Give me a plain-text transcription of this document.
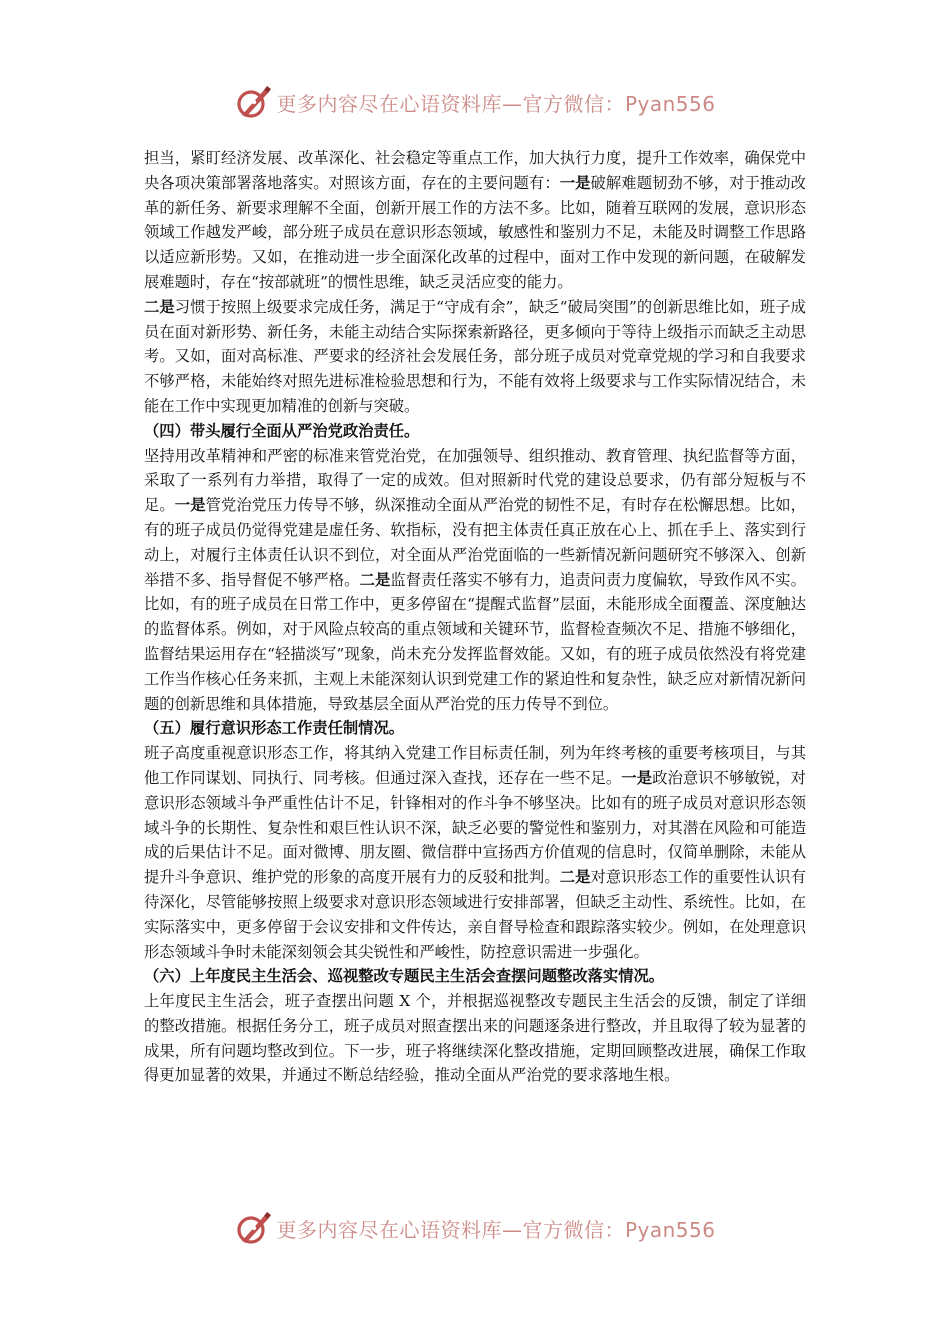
更多内容尽在心语资料库—官方微信：Pyan556

担当，紧盯经济发展、改革深化、社会稳定等重点工作，加大执行力度，提升工作效率，确保党中央各项决策部署落地落实。对照该方面，存在的主要问题有：一是破解难题韧劲不够，对于推动改革的新任务、新要求理解不全面，创新开展工作的方法不多。比如，随着互联网的发展，意识形态领域工作越发严峻，部分班子成员在意识形态领域，敏感性和鉴别力不足，未能及时调整工作思路以适应新形势。又如，在推动进一步全面深化改革的过程中，面对工作中发现的新问题，在破解发展难题时，存在“按部就班”的惯性思维，缺乏灵活应变的能力。

二是习惯于按照上级要求完成任务，满足于“守成有余”，缺乏“破局突围”的创新思维比如，班子成员在面对新形势、新任务，未能主动结合实际探索新路径，更多倾向于等待上级指示而缺乏主动思考。又如，面对高标准、严要求的经济社会发展任务，部分班子成员对党章党规的学习和自我要求不够严格，未能始终对照先进标准检验思想和行为，不能有效将上级要求与工作实际情况结合，未能在工作中实现更加精准的创新与突破。

（四）带头履行全面从严治党政治责任。

坚持用改革精神和严密的标准来管党治党，在加强领导、组织推动、教育管理、执纪监督等方面，采取了一系列有力举措，取得了一定的成效。但对照新时代党的建设总要求，仍有部分短板与不足。一是管党治党压力传导不够，纵深推动全面从严治党的韧性不足，有时存在松懈思想。比如，有的班子成员仍觉得党建是虚任务、软指标，没有把主体责任真正放在心上、抓在手上、落实到行动上，对履行主体责任认识不到位，对全面从严治党面临的一些新情况新问题研究不够深入、创新举措不多、指导督促不够严格。二是监督责任落实不够有力，追责问责力度偏软，导致作风不实。比如，有的班子成员在日常工作中，更多停留在“提醒式监督”层面，未能形成全面覆盖、深度触达的监督体系。例如，对于风险点较高的重点领域和关键环节，监督检查频次不足、措施不够细化，监督结果运用存在“轻描淡写”现象，尚未充分发挥监督效能。又如，有的班子成员依然没有将党建工作当作核心任务来抓，主观上未能深刻认识到党建工作的紧迫性和复杂性，缺乏应对新情况新问题的创新思维和具体措施，导致基层全面从严治党的压力传导不到位。

（五）履行意识形态工作责任制情况。

班子高度重视意识形态工作，将其纳入党建工作目标责任制，列为年终考核的重要考核项目，与其他工作同谋划、同执行、同考核。但通过深入查找，还存在一些不足。一是政治意识不够敏锐，对意识形态领域斗争严重性估计不足，针锋相对的作斗争不够坚决。比如有的班子成员对意识形态领域斗争的长期性、复杂性和艰巨性认识不深，缺乏必要的警觉性和鉴别力，对其潜在风险和可能造成的后果估计不足。面对微博、朋友圈、微信群中宣扬西方价值观的信息时，仅简单删除，未能从提升斗争意识、维护党的形象的高度开展有力的反驳和批判。二是对意识形态工作的重要性认识有待深化，尽管能够按照上级要求对意识形态领域进行安排部署，但缺乏主动性、系统性。比如，在实际落实中，更多停留于会议安排和文件传达，亲自督导检查和跟踪落实较少。例如，在处理意识形态领域斗争时未能深刻领会其尖锐性和严峻性，防控意识需进一步强化。

（六）上年度民主生活会、巡视整改专题民主生活会查摆问题整改落实情况。

上年度民主生活会，班子查摆出问题 X 个，并根据巡视整改专题民主生活会的反馈，制定了详细的整改措施。根据任务分工，班子成员对照查摆出来的问题逐条进行整改，并且取得了较为显著的成果，所有问题均整改到位。下一步，班子将继续深化整改措施，定期回顾整改进展，确保工作取得更加显著的效果，并通过不断总结经验，推动全面从严治党的要求落地生根。

更多内容尽在心语资料库—官方微信：Pyan556
